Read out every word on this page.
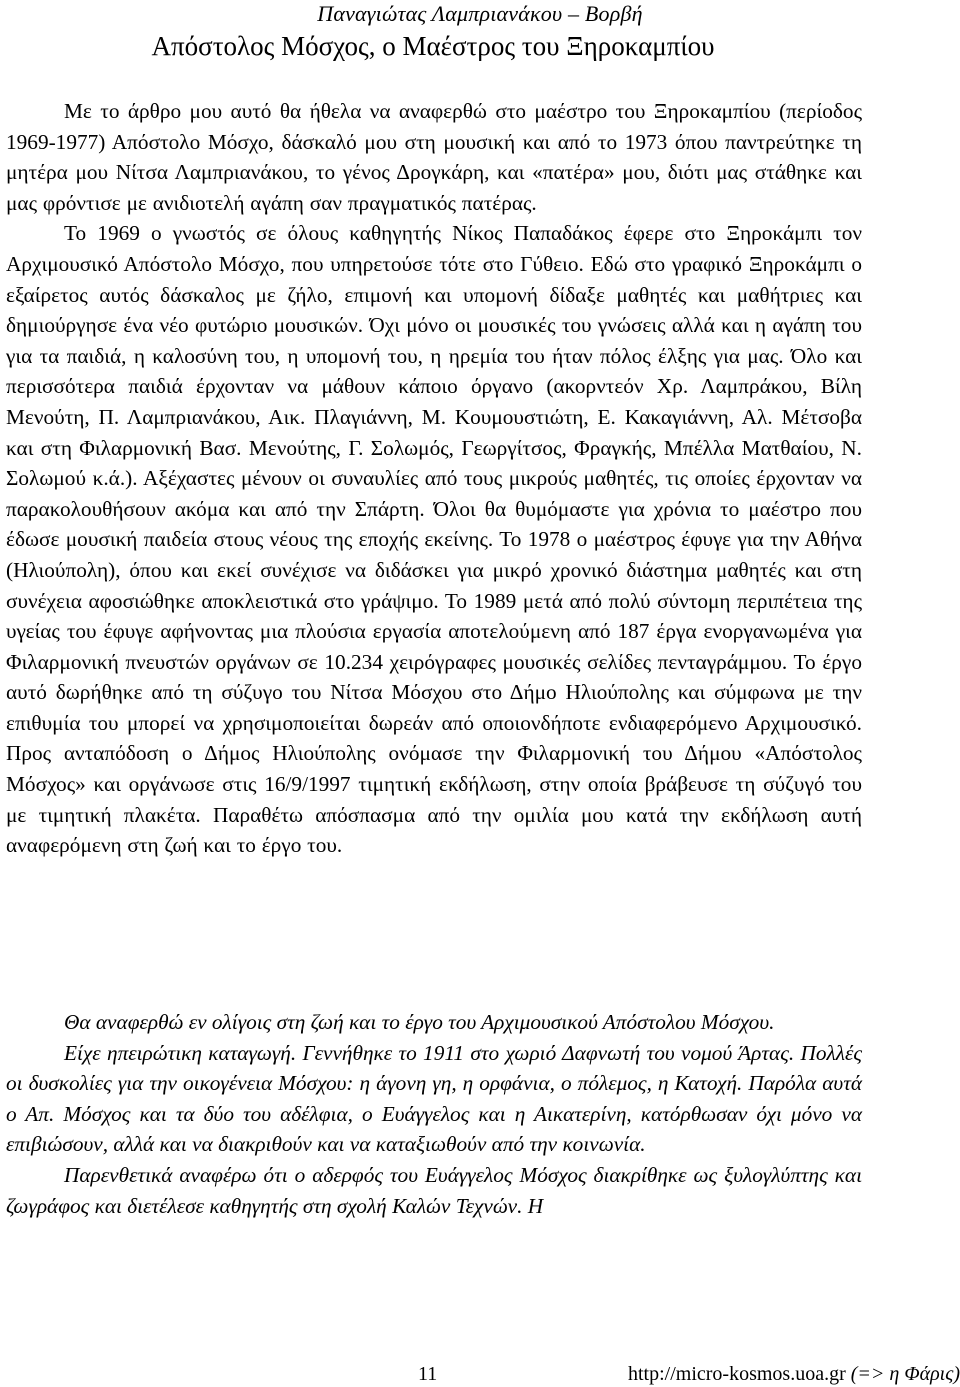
Παναγιώτας Λαμπριανάκου – Βορβή
Απόστολος Μόσχος, ο Μαέστρος του Ξηροκαμπίου

Με το άρθρο μου αυτό θα ήθελα να αναφερθώ στο μαέστρο του Ξηροκαμπίου (περίοδος 1969-1977) Απόστολο Μόσχο, δάσκαλό μου στη μουσική και από το 1973 όπου παντρεύτηκε τη μητέρα μου Νίτσα Λαμπριανάκου, το γένος Δρογκάρη, και «πατέρα» μου, διότι μας στάθηκε και μας φρόντισε με ανιδιοτελή αγάπη σαν πραγματικός πατέρας.

Το 1969 ο γνωστός σε όλους καθηγητής Νίκος Παπαδάκος έφερε στο Ξηροκάμπι τον Αρχιμουσικό Απόστολο Μόσχο, που υπηρετούσε τότε στο Γύθειο. Εδώ στο γραφικό Ξηροκάμπι ο εξαίρετος αυτός δάσκαλος με ζήλο, επιμονή και υπομονή δίδαξε μαθητές και μαθήτριες και δημιούργησε ένα νέο φυτώριο μουσικών. Όχι μόνο οι μουσικές του γνώσεις αλλά και η αγάπη του για τα παιδιά, η καλοσύνη του, η υπομονή του, η ηρεμία του ήταν πόλος έλξης για μας. Όλο και περισσότερα παιδιά έρχονταν να μάθουν κάποιο όργανο (ακορντεόν Χρ. Λαμπράκου, Βίλη Μενούτη, Π. Λαμπριανάκου, Αικ. Πλαγιάννη, Μ. Κουμουστιώτη, Ε. Κακαγιάννη, Αλ. Μέτσοβα και στη Φιλαρμονική Βασ. Μενούτης, Γ. Σολωμός, Γεωργίτσος, Φραγκής, Μπέλλα Ματθαίου, Ν. Σολωμού κ.ά.). Αξέχαστες μένουν οι συναυλίες από τους μικρούς μαθητές, τις οποίες έρχονταν να παρακολουθήσουν ακόμα και από την Σπάρτη. Όλοι θα θυμόμαστε για χρόνια το μαέστρο που έδωσε μουσική παιδεία στους νέους της εποχής εκείνης. Το 1978 ο μαέστρος έφυγε για την Αθήνα (Ηλιούπολη), όπου και εκεί συνέχισε να διδάσκει για μικρό χρονικό διάστημα μαθητές και στη συνέχεια αφοσιώθηκε αποκλειστικά στο γράψιμο. Το 1989 μετά από πολύ σύντομη περιπέτεια της υγείας του έφυγε αφήνοντας μια πλούσια εργασία αποτελούμενη από 187 έργα ενοργανωμένα για Φιλαρμονική πνευστών οργάνων σε 10.234 χειρόγραφες μουσικές σελίδες πενταγράμμου. Το έργο αυτό δωρήθηκε από τη σύζυγο του Νίτσα Μόσχου στο Δήμο Ηλιούπολης και σύμφωνα με την επιθυμία του μπορεί να χρησιμοποιείται δωρεάν από οποιονδήποτε ενδιαφερόμενο Αρχιμουσικό. Προς ανταπόδοση ο Δήμος Ηλιούπολης ονόμασε την Φιλαρμονική του Δήμου «Απόστολος Μόσχος» και οργάνωσε στις 16/9/1997 τιμητική εκδήλωση, στην οποία βράβευσε τη σύζυγό του με τιμητική πλακέτα. Παραθέτω απόσπασμα από την ομιλία μου κατά την εκδήλωση αυτή αναφερόμενη στη ζωή και το έργο του.

Θα αναφερθώ εν ολίγοις στη ζωή και το έργο του Αρχιμουσικού Απόστολου Μόσχου.

Είχε ηπειρώτικη καταγωγή. Γεννήθηκε το 1911 στο χωριό Δαφνωτή του νομού Άρτας. Πολλές οι δυσκολίες για την οικογένεια Μόσχου: η άγονη γη, η ορφάνια, ο πόλεμος, η Κατοχή. Παρόλα αυτά ο Απ. Μόσχος και τα δύο του αδέλφια, ο Ευάγγελος και η Αικατερίνη, κατόρθωσαν όχι μόνο να επιβιώσουν, αλλά και να διακριθούν και να καταξιωθούν από την κοινωνία.

Παρενθετικά αναφέρω ότι ο αδερφός του Ευάγγελος Μόσχος διακρίθηκε ως ξυλογλύπτης και ζωγράφος και διετέλεσε καθηγητής στη σχολή Καλών Τεχνών. Η

11	http://micro-kosmos.uoa.gr (=> η Φάρις)
